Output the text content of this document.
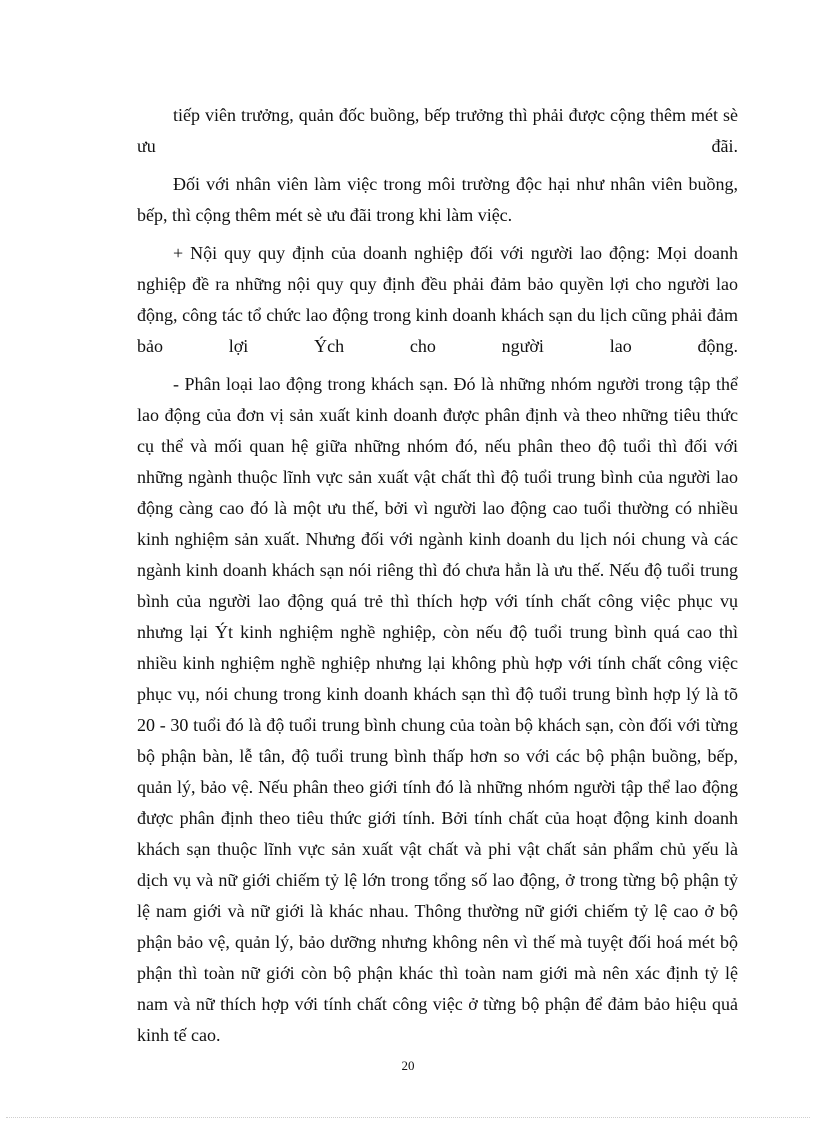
tiếp viên trưởng, quản đốc buồng, bếp trưởng thì phải được cộng thêm mét sè ưu đãi.

Đối với nhân viên làm việc trong môi trường độc hại như nhân viên buồng, bếp, thì cộng thêm mét sè ưu đãi trong khi làm việc.

+ Nội quy quy định của doanh nghiệp đối với người lao động: Mọi doanh nghiệp đề ra những nội quy quy định đều phải đảm bảo quyền lợi cho người lao động, công tác tổ chức lao động trong kinh doanh khách sạn du lịch cũng phải đảm bảo lợi Ých cho người lao động.

- Phân loại lao động trong khách sạn. Đó là những nhóm người trong tập thể lao động của đơn vị sản xuất kinh doanh được phân định và theo những tiêu thức cụ thể và mối quan hệ giữa những nhóm đó, nếu phân theo độ tuổi thì đối với những ngành thuộc lĩnh vực sản xuất vật chất thì độ tuổi trung bình của người lao động càng cao đó là một ưu thế, bởi vì người lao động cao tuổi thường có nhiều kinh nghiệm sản xuất. Nhưng đối với ngành kinh doanh du lịch nói chung và các ngành kinh doanh khách sạn nói riêng thì đó chưa hẳn là ưu thế. Nếu độ tuổi trung bình của người lao động quá trẻ thì thích hợp với tính chất công việc phục vụ nhưng lại Ýt kinh nghiệm nghề nghiệp, còn nếu độ tuổi trung bình quá cao thì nhiều kinh nghiệm nghề nghiệp nhưng lại không phù hợp với tính chất công việc phục vụ, nói chung trong kinh doanh khách sạn thì độ tuổi trung bình hợp lý là tõ 20 - 30 tuổi đó là độ tuổi trung bình chung của toàn bộ khách sạn, còn đối với từng bộ phận bàn, lễ tân, độ tuổi trung bình thấp hơn so với các bộ phận buồng, bếp, quản lý, bảo vệ. Nếu phân theo giới tính đó là những nhóm người tập thể lao động được phân định theo tiêu thức giới tính. Bởi tính chất của hoạt động kinh doanh khách sạn thuộc lĩnh vực sản xuất vật chất và phi vật chất sản phẩm chủ yếu là dịch vụ và nữ giới chiếm tỷ lệ lớn trong tổng số lao động, ở trong từng bộ phận tỷ lệ nam giới và nữ giới là khác nhau. Thông thường nữ giới chiếm tỷ lệ cao ở bộ phận bảo vệ, quản lý, bảo dưỡng nhưng không nên vì thế mà tuyệt đối hoá mét bộ phận thì toàn nữ giới còn bộ phận khác thì toàn nam giới mà nên xác định tỷ lệ nam và nữ thích hợp với tính chất công việc ở từng bộ phận để đảm bảo hiệu quả kinh tế cao.

20
